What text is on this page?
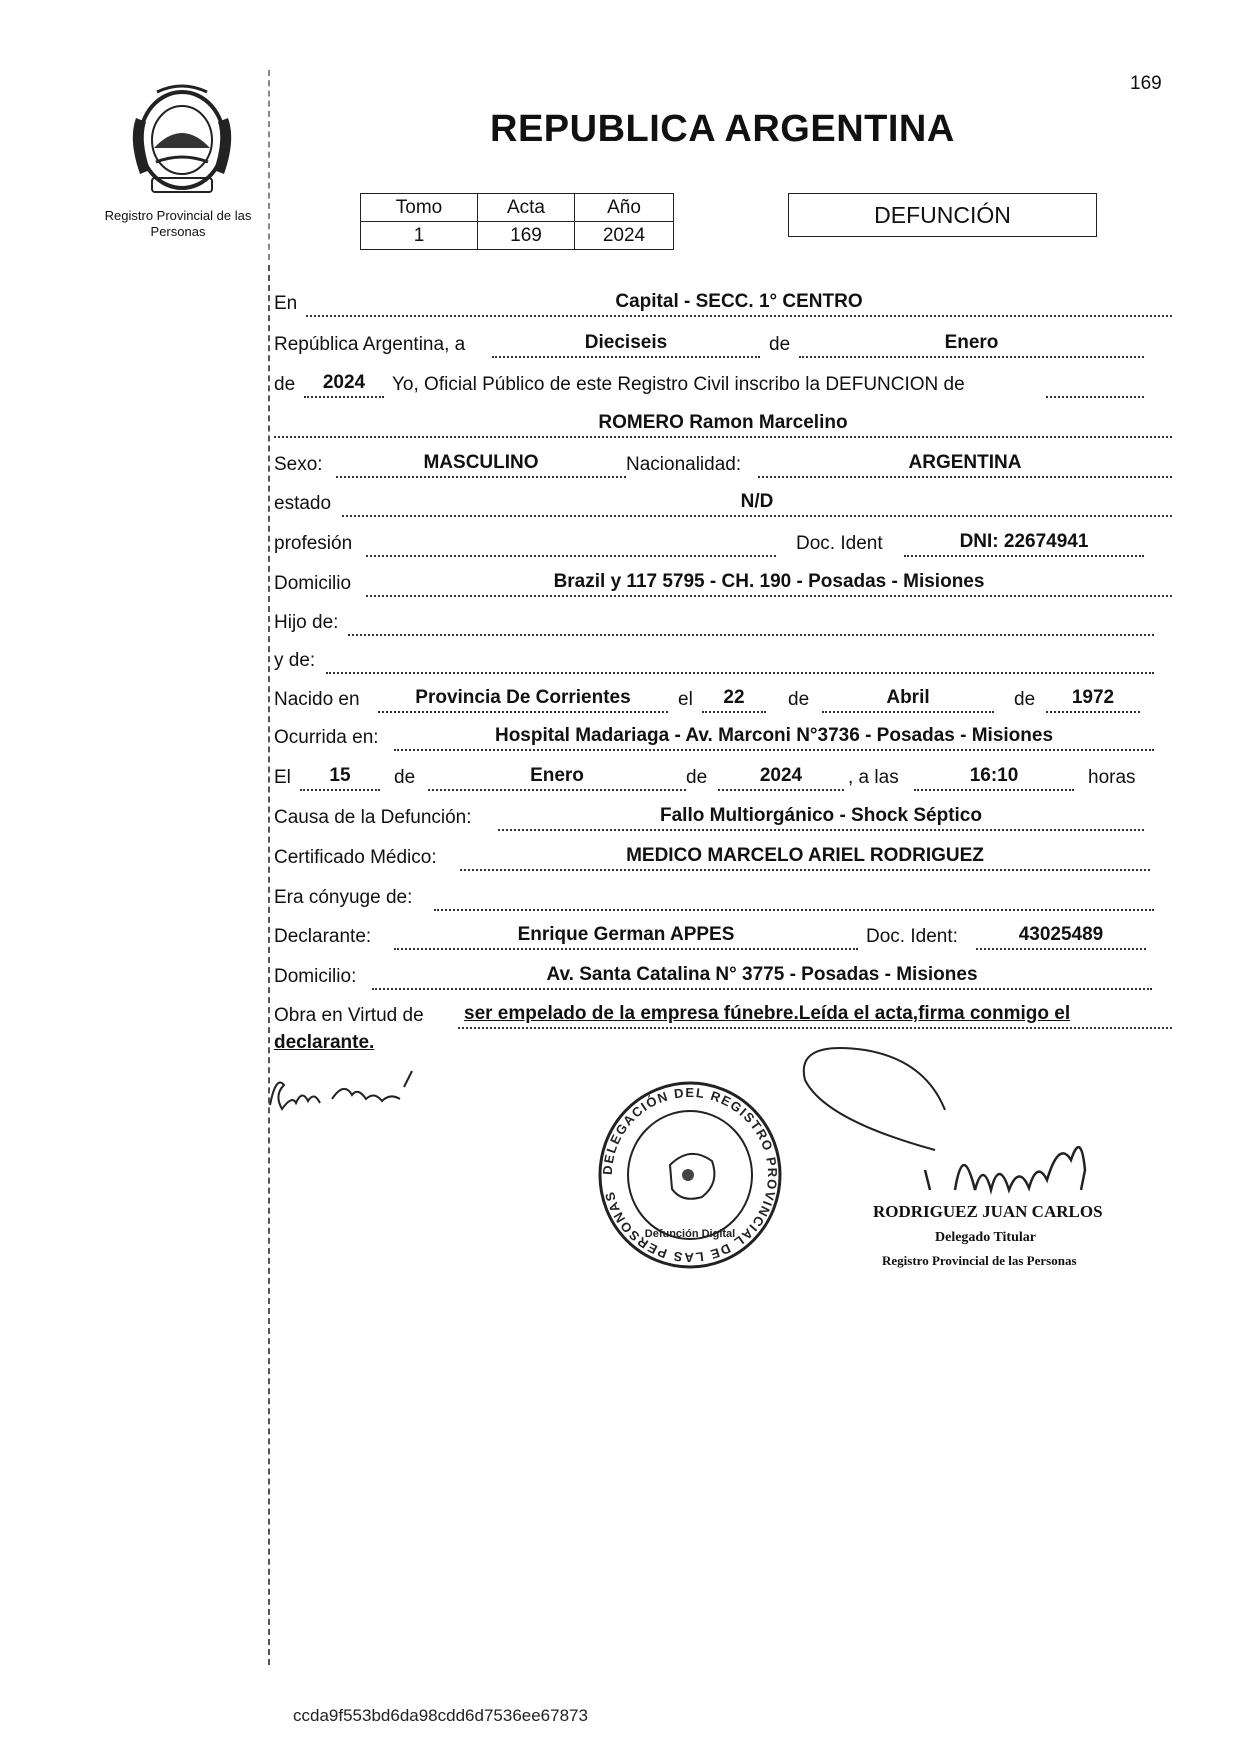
169
Registro Provincial de las Personas
REPUBLICA ARGENTINA
Tomo	Acta	Año
1	169	2024
DEFUNCIÓN
En	Capital - SECC. 1° CENTRO
República Argentina, a	Dieciseis	de	Enero
de	2024	Yo, Oficial Público de este Registro Civil inscribo la DEFUNCION de
ROMERO Ramon Marcelino
Sexo:	MASCULINO	Nacionalidad:	ARGENTINA
estado	N/D
profesión	Doc. Ident	DNI: 22674941
Domicilio	Brazil y 117 5795 - CH. 190 - Posadas - Misiones
Hijo de:
y de:
Nacido en	Provincia De Corrientes	el	22	de	Abril	de	1972
Ocurrida en:	Hospital Madariaga - Av. Marconi N°3736 - Posadas - Misiones
El	15	de	Enero	de	2024	, a las	16:10	horas
Causa de la Defunción:	Fallo Multiorgánico - Shock Séptico
Certificado Médico:	MEDICO MARCELO ARIEL RODRIGUEZ
Era cónyuge de:
Declarante:	Enrique German APPES	Doc. Ident:	43025489
Domicilio:	Av. Santa Catalina N° 3775 - Posadas - Misiones
Obra en Virtud de ser empelado de la empresa fúnebre.Leída el acta,firma conmigo el
declarante.
DELEGACIÓN DEL REGISTRO PROVINCIAL DE LAS PERSONAS
Defunción Digital
RODRIGUEZ JUAN CARLOS
Delegado Titular
Registro Provincial de las Personas
ccda9f553bd6da98cdd6d7536ee67873
